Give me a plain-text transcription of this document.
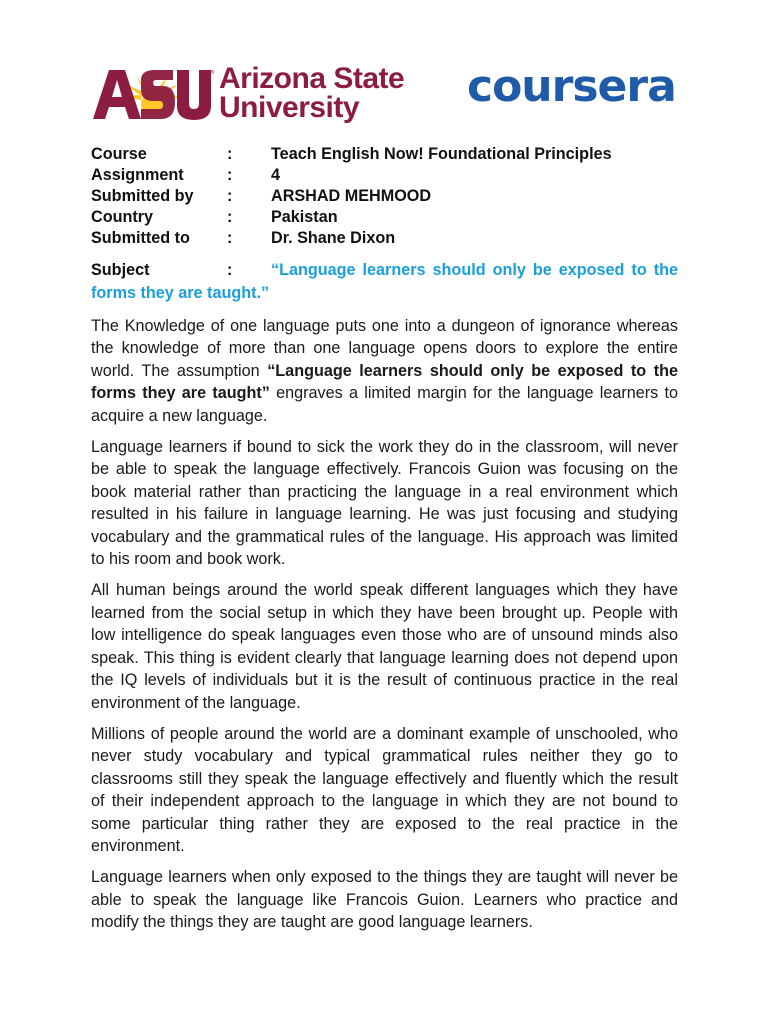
® Arizona State
University	coursera
Course	:	Teach English Now! Foundational Principles
Assignment	:	4
Submitted by	:	ARSHAD MEHMOOD
Country	:	Pakistan
Submitted to	:	Dr. Shane Dixon
Subject	: “Language learners should only be exposed to the forms they are taught.”

The Knowledge of one language puts one into a dungeon of ignorance whereas the knowledge of more than one language opens doors to explore the entire world. The assumption “Language learners should only be exposed to the forms they are taught” engraves a limited margin for the language learners to acquire a new language.

Language learners if bound to sick the work they do in the classroom, will never be able to speak the language effectively. Francois Guion was focusing on the book material rather than practicing the language in a real environment which resulted in his failure in language learning. He was just focusing and studying vocabulary and the grammatical rules of the language. His approach was limited to his room and book work.

All human beings around the world speak different languages which they have learned from the social setup in which they have been brought up. People with low intelligence do speak languages even those who are of unsound minds also speak. This thing is evident clearly that language learning does not depend upon the IQ levels of individuals but it is the result of continuous practice in the real environment of the language.

Millions of people around the world are a dominant example of unschooled, who never study vocabulary and typical grammatical rules neither they go to classrooms still they speak the language effectively and fluently which the result of their independent approach to the language in which they are not bound to some particular thing rather they are exposed to the real practice in the environment.

Language learners when only exposed to the things they are taught will never be able to speak the language like Francois Guion. Learners who practice and modify the things they are taught are good language learners.
